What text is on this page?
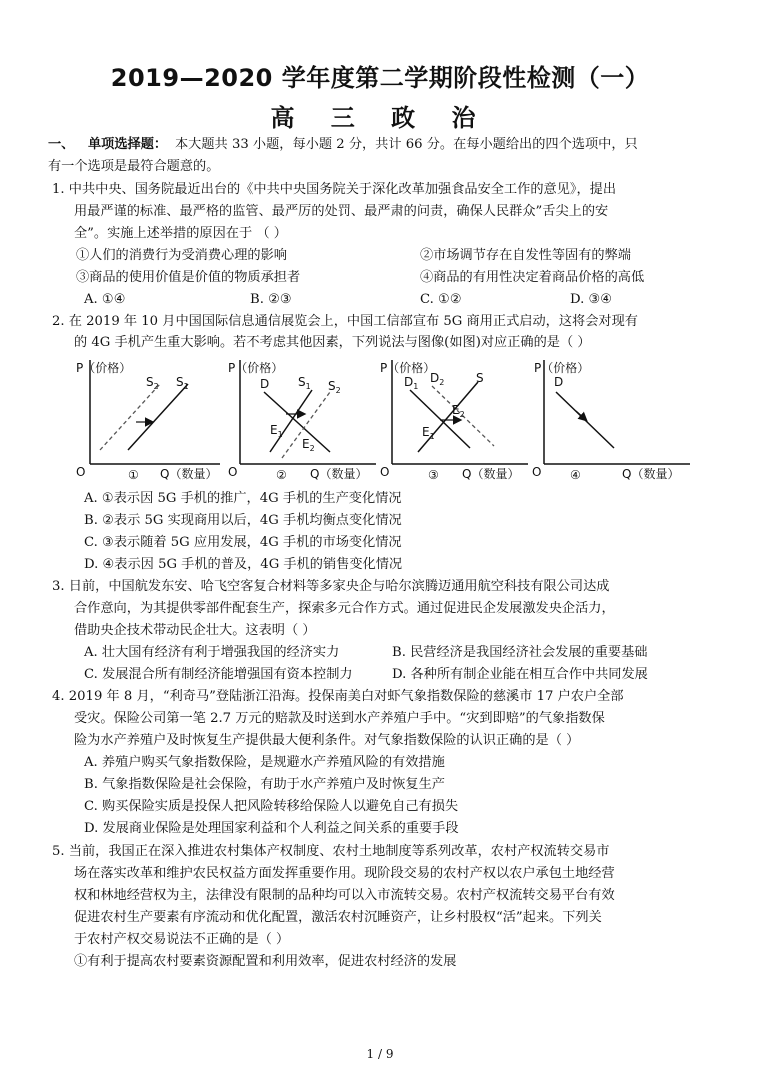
2019—2020 学年度第二学期阶段性检测（一）
高 三 政 治
一、 单项选择题： 本大题共 33 小题，每小题 2 分，共计 66 分。在每小题给出的四个选项中，只
有一个选项是最符合题意的。
1. 中共中央、国务院最近出台的《中共中央国务院关于深化改革加强食品安全工作的意见》，提出
用最严谨的标准、最严格的监管、最严厉的处罚、最严肃的问责，确保人民群众”舌尖上的安
全”。实施上述举措的原因在于 （ ）
①人们的消费行为受消费心理的影响	②市场调节存在自发性等固有的弊端
③商品的使用价值是价值的物质承担者	④商品的有用性决定着商品价格的高低
A. ①④	B. ②③	C. ①②	D. ③④
2. 在 2019 年 10 月中国国际信息通信展览会上，中国工信部宣布 5G 商用正式启动，这将会对现有
的 4G 手机产生重大影响。若不考虑其他因素，下列说法与图像(如图)对应正确的是（ ）
P（价格）
O	Q（数量）
①
$S_2$ $S_1$
P（价格）
O	Q（数量）
②
D $S_1$ $S_2$
$E_1$
$E_2$
P（价格）
O	Q（数量）
③
$D_1$
$D_2$	S
$E_1$
$E_2$
P（价格）
O	Q（数量）
④
D
A. ①表示因 5G 手机的推广，4G 手机的生产变化情况
B. ②表示 5G 实现商用以后，4G 手机均衡点变化情况
C. ③表示随着 5G 应用发展，4G 手机的市场变化情况
D. ④表示因 5G 手机的普及，4G 手机的销售变化情况
3. 日前，中国航发东安、哈飞空客复合材料等多家央企与哈尔滨腾迈通用航空科技有限公司达成
合作意向，为其提供零部件配套生产，探索多元合作方式。通过促进民企发展激发央企活力，
借助央企技术带动民企壮大。这表明（ ）
A. 壮大国有经济有利于增强我国的经济实力	B. 民营经济是我国经济社会发展的重要基础
C. 发展混合所有制经济能增强国有资本控制力	D. 各种所有制企业能在相互合作中共同发展
4. 2019 年 8 月，“利奇马”登陆浙江沿海。投保南美白对虾气象指数保险的慈溪市 17 户农户全部
受灾。保险公司第一笔 2.7 万元的赔款及时送到水产养殖户手中。“灾到即赔”的气象指数保
险为水产养殖户及时恢复生产提供最大便利条件。对气象指数保险的认识正确的是（ ）
A. 养殖户购买气象指数保险，是规避水产养殖风险的有效措施
B. 气象指数保险是社会保险，有助于水产养殖户及时恢复生产
C. 购买保险实质是投保人把风险转移给保险人以避免自己有损失
D. 发展商业保险是处理国家利益和个人利益之间关系的重要手段
5. 当前，我国正在深入推进农村集体产权制度、农村土地制度等系列改革，农村产权流转交易市
场在落实改革和维护农民权益方面发挥重要作用。现阶段交易的农村产权以农户承包土地经营
权和林地经营权为主，法律没有限制的品种均可以入市流转交易。农村产权流转交易平台有效
促进农村生产要素有序流动和优化配置，激活农村沉睡资产，让乡村股权“活”起来。下列关
于农村产权交易说法不正确的是（ ）
①有利于提高农村要素资源配置和利用效率，促进农村经济的发展
1 / 9
